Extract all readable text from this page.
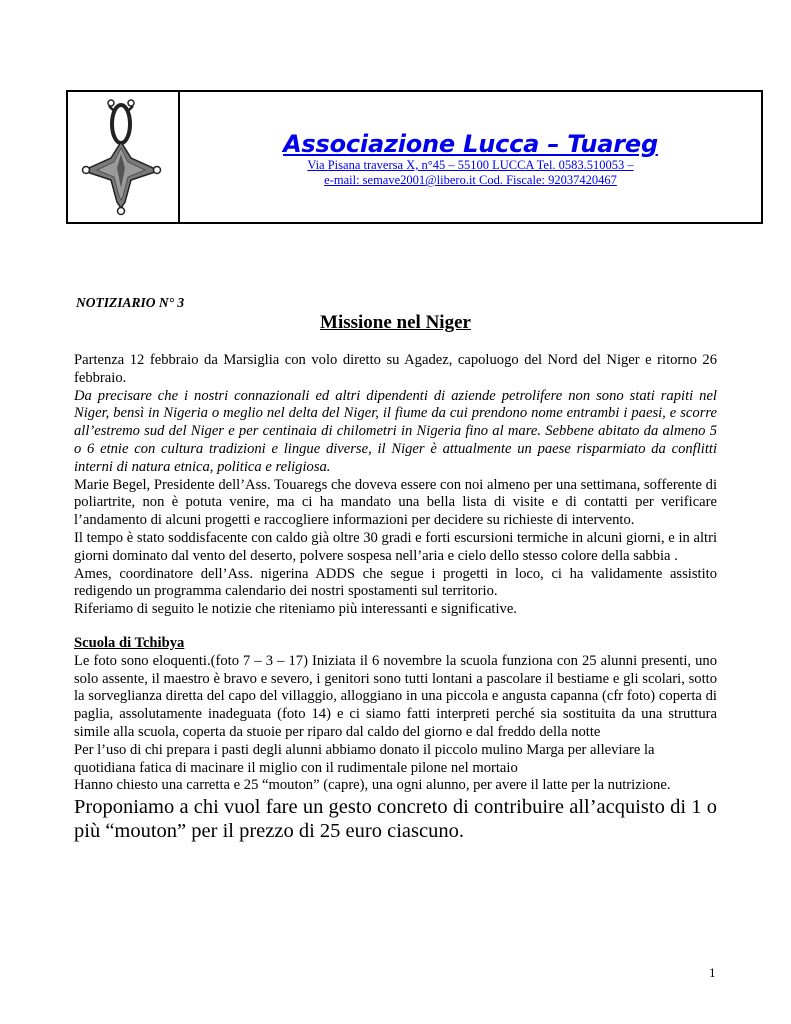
Associazione Lucca – Tuareg
Via Pisana traversa X, n°45 – 55100 LUCCA Tel. 0583.510053 –
e-mail: semave2001@libero.it Cod. Fiscale: 92037420467
NOTIZIARIO N° 3
Missione nel Niger

Partenza 12 febbraio da Marsiglia con volo diretto su Agadez, capoluogo del Nord del Niger e ritorno 26 febbraio.

Da precisare che i nostri connazionali ed altri dipendenti di aziende petrolifere non sono stati rapiti nel Niger, bensì in Nigeria o meglio nel delta del Niger, il fiume da cui prendono nome entrambi i paesi, e scorre all’estremo sud del Niger e per centinaia di chilometri in Nigeria fino al mare. Sebbene abitato da almeno 5 o 6 etnie con cultura tradizioni e lingue diverse, il Niger è attualmente un paese risparmiato da conflitti interni di natura etnica, politica e religiosa.

Marie Begel, Presidente dell’Ass. Touaregs che doveva essere con noi almeno per una settimana, sofferente di poliartrite, non è potuta venire, ma ci ha mandato una bella lista di visite e di contatti per verificare l’andamento di alcuni progetti e raccogliere informazioni per decidere su richieste di intervento.

Il tempo è stato soddisfacente con caldo già oltre 30 gradi e forti escursioni termiche in alcuni giorni, e in altri giorni dominato dal vento del deserto, polvere sospesa nell’aria e cielo dello stesso colore della sabbia .

Ames, coordinatore dell’Ass. nigerina ADDS che segue i progetti in loco, ci ha validamente assistito redigendo un programma calendario dei nostri spostamenti sul territorio.

Riferiamo di seguito le notizie che riteniamo più interessanti e significative.

Scuola di Tchibya

Le foto sono eloquenti.(foto 7 – 3 – 17) Iniziata il 6 novembre la scuola funziona con 25 alunni presenti, uno solo assente, il maestro è bravo e severo, i genitori sono tutti lontani a pascolare il bestiame e gli scolari, sotto la sorveglianza diretta del capo del villaggio, alloggiano in una piccola e angusta capanna (cfr foto) coperta di paglia, assolutamente inadeguata (foto 14) e ci siamo fatti interpreti perché sia sostituita da una struttura simile alla scuola, coperta da stuoie per riparo dal caldo del giorno e dal freddo della notte

Per l’uso di chi prepara i pasti degli alunni abbiamo donato il piccolo mulino Marga per alleviare la quotidiana fatica di macinare il miglio con il rudimentale pilone nel mortaio

Hanno chiesto una carretta e 25 “mouton” (capre), una ogni alunno, per avere il latte per la nutrizione.

Proponiamo a chi vuol fare un gesto concreto di contribuire all’acquisto di 1 o più “mouton” per il prezzo di 25 euro ciascuno.

1
